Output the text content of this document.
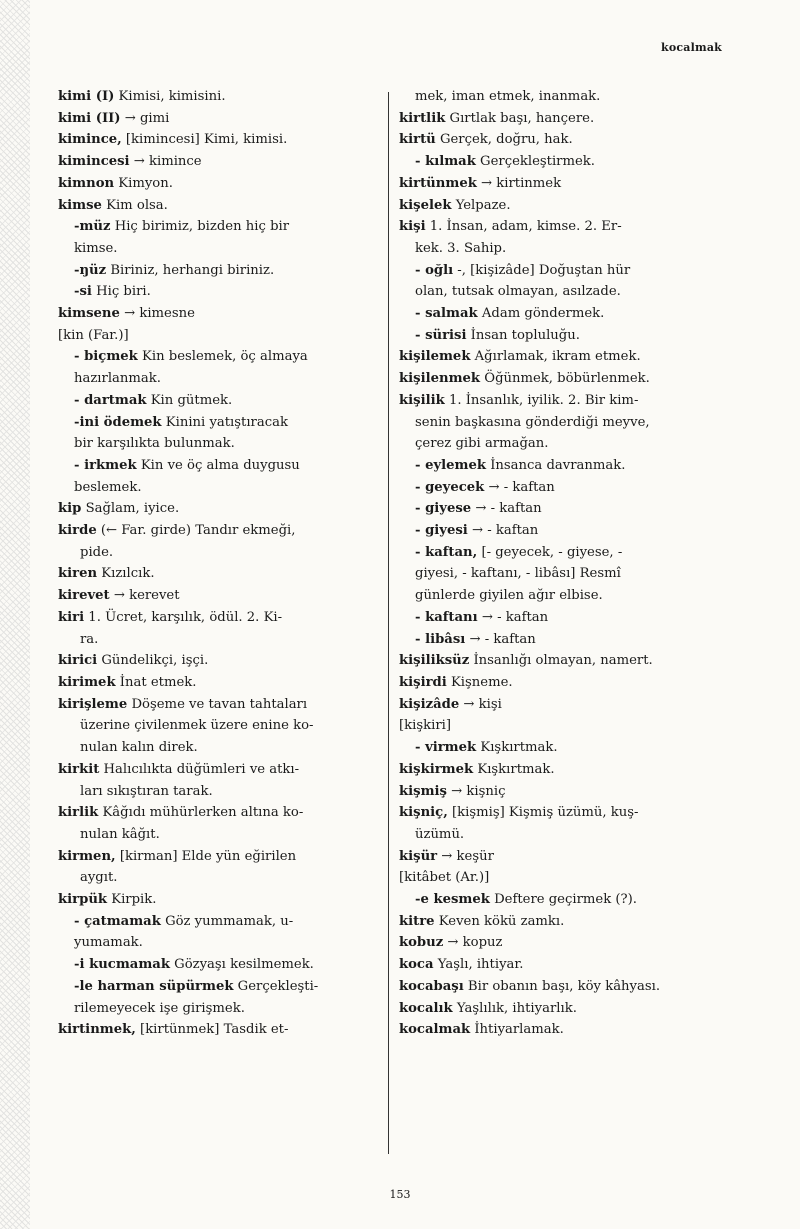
kocalmak
kimi (I) Kimisi, kimisini.
kimi (II) → gimi
kimince, [kimincesi] Kimi, kimisi.
kimincesi → kimince
kimnon Kimyon.
kimse Kim olsa.
-müz Hiç birimiz, bizden hiç bir
kimse.
-ŋüz Biriniz, herhangi biriniz.
-si Hiç biri.
kimsene → kimesne
[kin (Far.)]
- biçmek Kin beslemek, öç almaya
hazırlanmak.
- dartmak Kin gütmek.
-ini ödemek Kinini yatıştıracak
bir karşılıkta bulunmak.
- irkmek Kin ve öç alma duygusu
beslemek.
kip Sağlam, iyice.
kirde (← Far. girde) Tandır ekmeği,
pide.
kiren Kızılcık.
kirevet → kerevet
kiri 1. Ücret, karşılık, ödül. 2. Ki-
ra.
kirici Gündelikçi, işçi.
kirimek İnat etmek.
kirişleme Döşeme ve tavan tahtaları
üzerine çivilenmek üzere enine ko-
nulan kalın direk.
kirkit Halıcılıkta düğümleri ve atkı-
ları sıkıştıran tarak.
kirlik Kâğıdı mühürlerken altına ko-
nulan kâğıt.
kirmen, [kirman] Elde yün eğirilen
aygıt.
kirpük Kirpik.
- çatmamak Göz yummamak, u-
yumamak.
-i kucmamak Gözyaşı kesilmemek.
-le harman süpürmek Gerçekleşti-
rilemeyecek işe girişmek.
kirtinmek, [kirtünmek] Tasdik et-
mek, iman etmek, inanmak.
kirtlik Gırtlak başı, hançere.
kirtü Gerçek, doğru, hak.
- kılmak Gerçekleştirmek.
kirtünmek → kirtinmek
kişelek Yelpaze.
kişi 1. İnsan, adam, kimse. 2. Er-
kek. 3. Sahip.
- oğlı -, [kişizâde] Doğuştan hür
olan, tutsak olmayan, asılzade.
- salmak Adam göndermek.
- sürisi İnsan topluluğu.
kişilemek Ağırlamak, ikram etmek.
kişilenmek Öğünmek, böbürlenmek.
kişilik 1. İnsanlık, iyilik. 2. Bir kim-
senin başkasına gönderdiği meyve,
çerez gibi armağan.
- eylemek İnsanca davranmak.
- geyecek → - kaftan
- giyese → - kaftan
- giyesi → - kaftan
- kaftan, [- geyecek, - giyese, -
giyesi, - kaftanı, - libâsı] Resmî
günlerde giyilen ağır elbise.
- kaftanı → - kaftan
- libâsı → - kaftan
kişiliksüz İnsanlığı olmayan, namert.
kişirdi Kişneme.
kişizâde → kişi
[kişkiri]
- virmek Kışkırtmak.
kişkirmek Kışkırtmak.
kişmiş → kişniç
kişniç, [kişmiş] Kişmiş üzümü, kuş-
üzümü.
kişür → keşür
[kitâbet (Ar.)]
-e kesmek Deftere geçirmek (?).
kitre Keven kökü zamkı.
kobuz → kopuz
koca Yaşlı, ihtiyar.
kocabaşı Bir obanın başı, köy kâhyası.
kocalık Yaşlılık, ihtiyarlık.
kocalmak İhtiyarlamak.
153
